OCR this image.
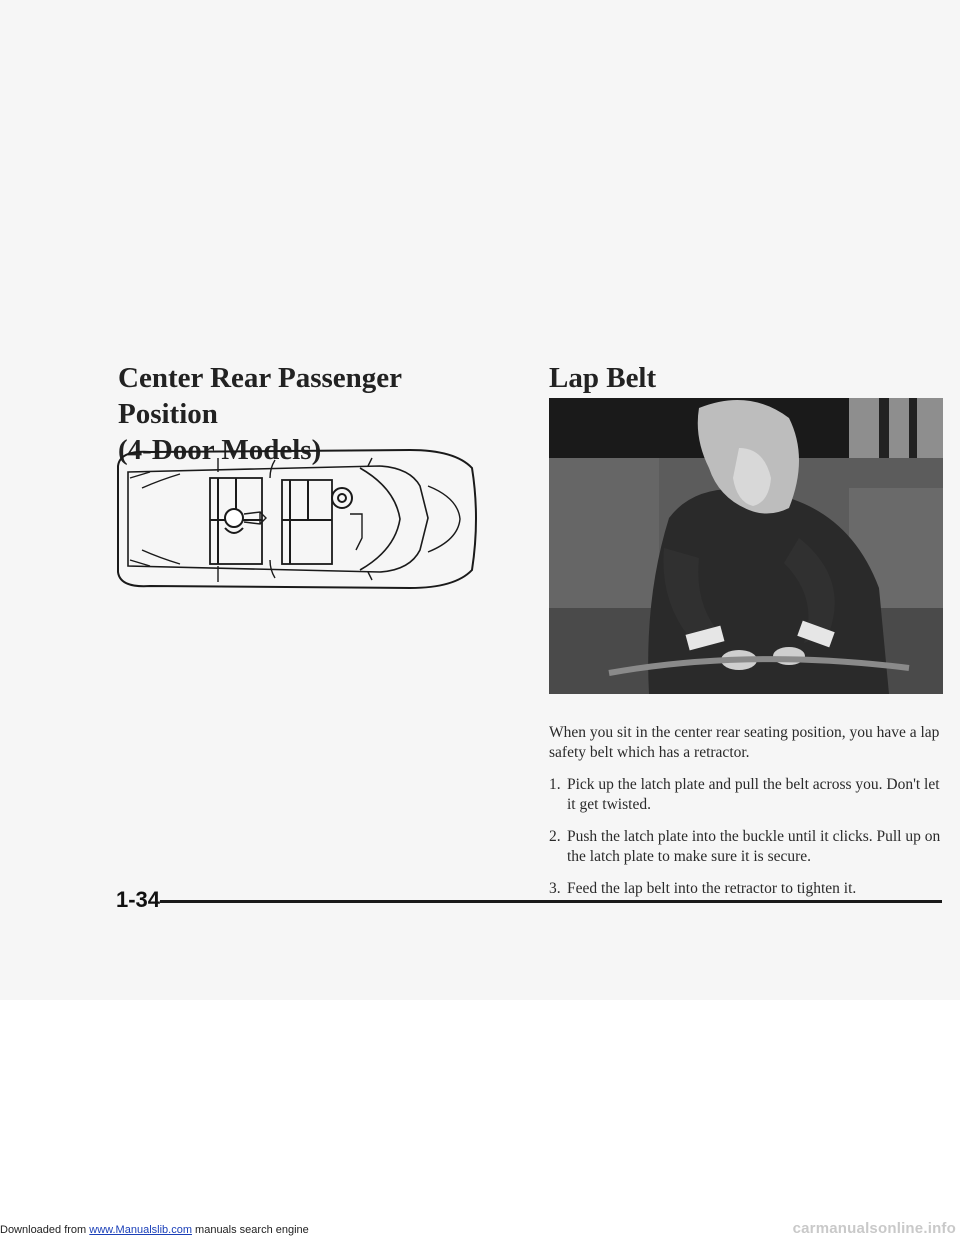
Center Rear Passenger Position
(4-Door Models)
Lap Belt

When you sit in the center rear seating position, you have a lap safety belt which has a retractor.

1. Pick up the latch plate and pull the belt across you. Don't let it get twisted.
2. Push the latch plate into the buckle until it clicks. Pull up on the latch plate to make sure it is secure.
3. Feed the lap belt into the retractor to tighten it.
1-34
Downloaded from www.Manualslib.com manuals search engine	carmanualsonline.info
